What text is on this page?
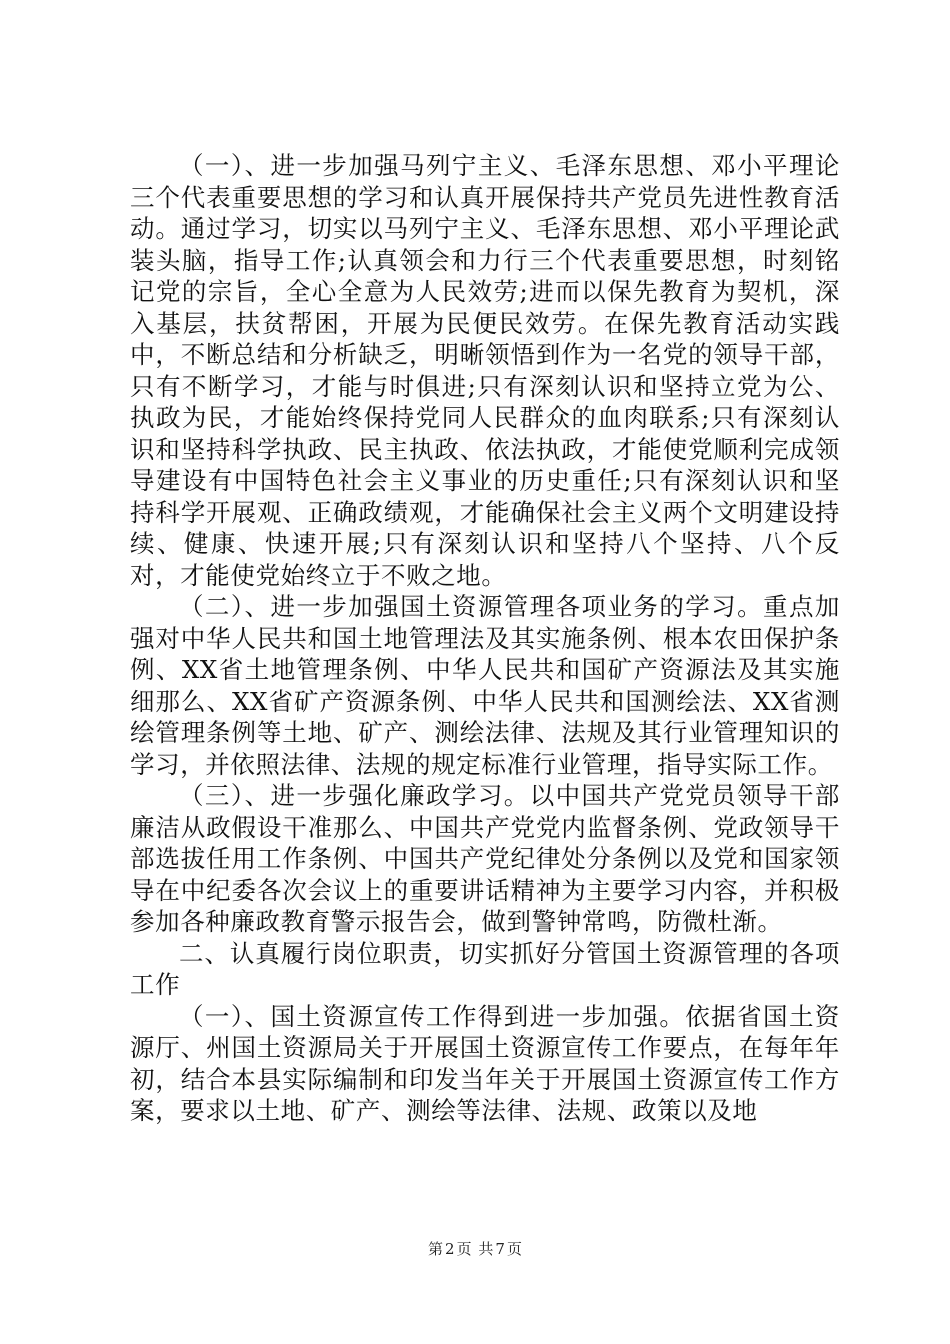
（一）、进一步加强马列宁主义、毛泽东思想、邓小平理论三个代表重要思想的学习和认真开展保持共产党员先进性教育活动。通过学习，切实以马列宁主义、毛泽东思想、邓小平理论武装头脑，指导工作;认真领会和力行三个代表重要思想，时刻铭记党的宗旨，全心全意为人民效劳;进而以保先教育为契机，深入基层，扶贫帮困，开展为民便民效劳。在保先教育活动实践中，不断总结和分析缺乏，明晰领悟到作为一名党的领导干部，只有不断学习，才能与时俱进;只有深刻认识和坚持立党为公、执政为民，才能始终保持党同人民群众的血肉联系;只有深刻认识和坚持科学执政、民主执政、依法执政，才能使党顺利完成领导建设有中国特色社会主义事业的历史重任;只有深刻认识和坚持科学开展观、正确政绩观，才能确保社会主义两个文明建设持续、健康、快速开展;只有深刻认识和坚持八个坚持、八个反对，才能使党始终立于不败之地。

（二）、进一步加强国土资源管理各项业务的学习。重点加强对中华人民共和国土地管理法及其实施条例、根本农田保护条例、XX省土地管理条例、中华人民共和国矿产资源法及其实施细那么、XX省矿产资源条例、中华人民共和国测绘法、XX省测绘管理条例等土地、矿产、测绘法律、法规及其行业管理知识的学习，并依照法律、法规的规定标准行业管理，指导实际工作。

（三）、进一步强化廉政学习。以中国共产党党员领导干部廉洁从政假设干准那么、中国共产党党内监督条例、党政领导干部选拔任用工作条例、中国共产党纪律处分条例以及党和国家领导在中纪委各次会议上的重要讲话精神为主要学习内容，并积极参加各种廉政教育警示报告会，做到警钟常鸣，防微杜渐。

二、认真履行岗位职责，切实抓好分管国土资源管理的各项工作

（一）、国土资源宣传工作得到进一步加强。依据省国土资源厅、州国土资源局关于开展国土资源宣传工作要点，在每年年初，结合本县实际编制和印发当年关于开展国土资源宣传工作方案，要求以土地、矿产、测绘等法律、法规、政策以及地

第 2 页 共 7 页
